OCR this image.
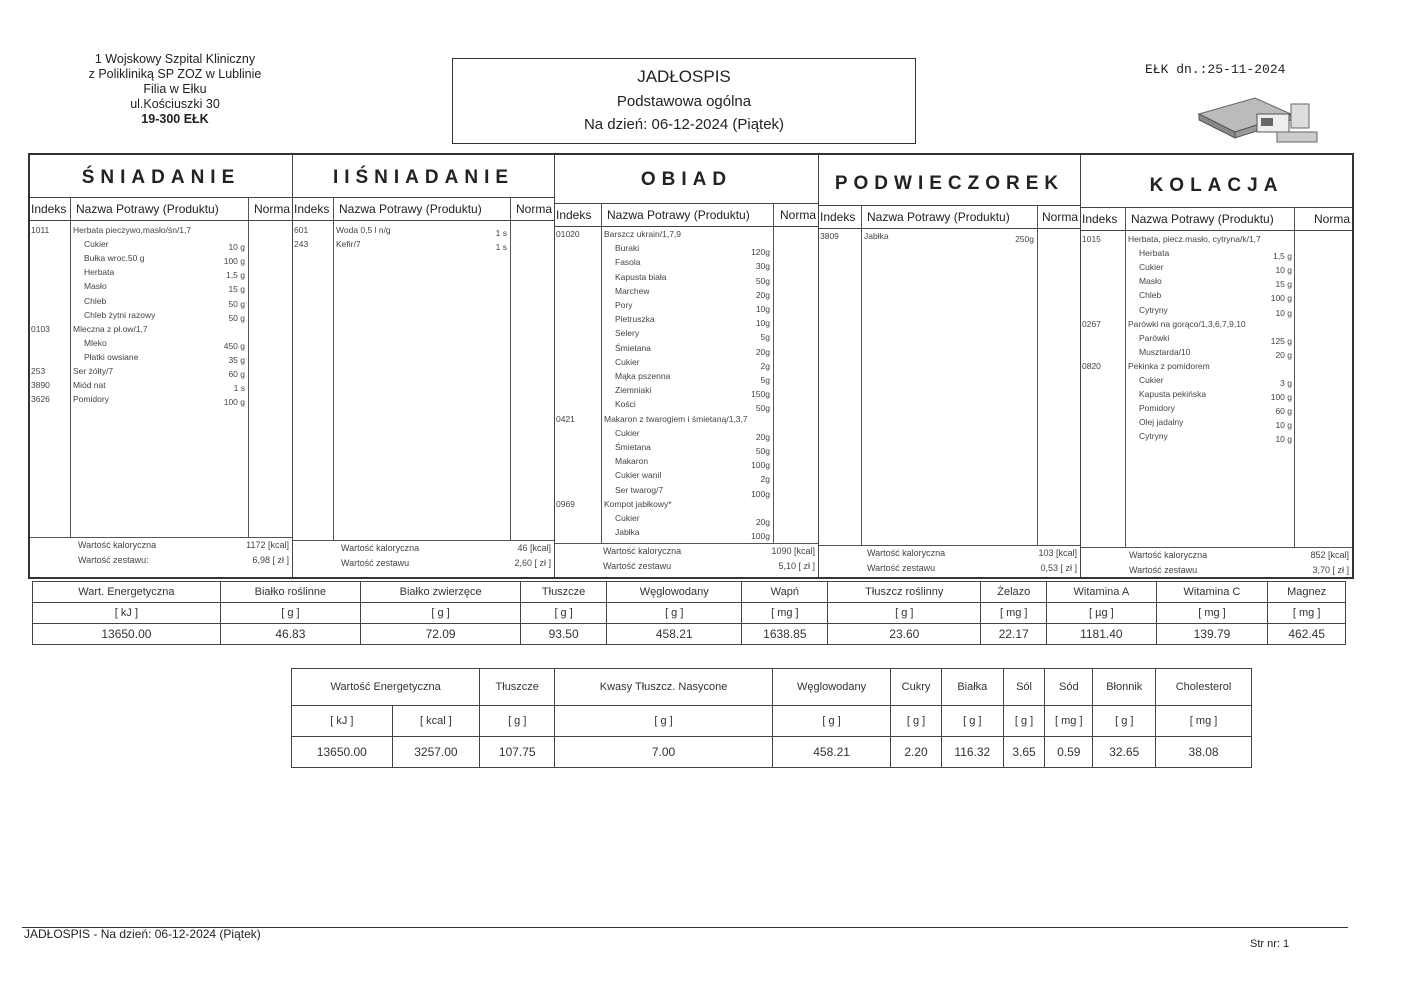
1 Wojskowy Szpital Kliniczny
z Polikliniką SP ZOZ w Lublinie
Filia w Ełku
ul.Kościuszki 30
19-300 EŁK
JADŁOSPIS
Podstawowa ogólna
Na dzień: 06-12-2024 (Piątek)
EŁK dn.:25-11-2024
ŚNIADANIE
Indeks Nazwa Potrawy (Produktu)	Norma
1011	Herbata pieczywo,masło/śn/1,7
Cukier	10 g
Bułka wroc.50 g	100 g
Herbata	1,5 g
Masło	15 g
Chleb	50 g
Chleb żytni razowy	50 g
0103	Mleczna z pł.ow/1,7
Mleko	450 g
Płatki owsiane	35 g
253	Ser żółty/7	60 g
3890	Miód nat	1 s
3626	Pomidory	100 g
Wartość kaloryczna	1172 [kcal]
Wartość zestawu:	6,98 [ zł ]
IIŚNIADANIE
Indeks Nazwa Potrawy (Produktu)	Norma
601	Woda 0,5 l n/g	1 s
243	Kefir/7	1 s
Wartość kaloryczna	46 [kcal]
Wartość zestawu	2,60 [ zł ]
OBIAD
Indeks Nazwa Potrawy (Produktu)	Norma
01020	Barszcz ukrain/1,7,9
Buraki	120g
Fasola	30g
Kapusta biała	50g
Marchew	20g
Pory	10g
Pietruszka	10g
Selery	5g
Śmietana	20g
Cukier	2g
Mąka pszenna	5g
Ziemniaki	150g
Kości	50g
0421	Makaron z twarogiem i śmietaną/1,3,7
Cukier	20g
Śmietana	50g
Makaron	100g
Cukier wanil	2g
Ser twarog/7	100g
0969	Kompot jabłkowy*
Cukier	20g
Jabłka	100g
Wartość kaloryczna	1090 [kcal]
Wartość zestawu	5,10 [ zł ]
PODWIECZOREK
Indeks Nazwa Potrawy (Produktu)	Norma
3809	Jabłka	250g
Wartość kaloryczna	103 [kcal]
Wartość zestawu	0,53 [ zł ]
KOLACJA
Indeks Nazwa Potrawy (Produktu)	Norma
1015	Herbata, piecz.masło, cytryna/k/1,7
Herbata	1,5 g
Cukier	10 g
Masło	15 g
Chleb	100 g
Cytryny	10 g
0267	Parówki na gorąco/1,3,6,7,9,10
Parówki	125 g
Musztarda/10	20 g
0820	Pekinka z pomidorem
Cukier	3 g
Kapusta pekińska	100 g
Pomidory	60 g
Olej jadalny	10 g
Cytryny	10 g
Wartość kaloryczna	852 [kcal]
Wartość zestawu	3,70 [ zł ]
Wart. Energetyczna	Białko roślinne	Białko zwierzęce	Tłuszcze	Węglowodany	Wapń	Tłuszcz roślinny	Żelazo	Witamina A	Witamina C	Magnez
[ kJ ]	[ g ]	[ g ]	[ g ]	[ g ]	[ mg ]	[ g ]	[ mg ]	[ µg ]	[ mg ]	[ mg ]
13650.00	46.83	72.09	93.50	458.21	1638.85	23.60	22.17	1181.40	139.79	462.45
Wartość Energetyczna		Tłuszcze	Kwasy Tłuszcz. Nasycone	Węglowodany	Cukry	Białka	Sól	Sód	Błonnik	Cholesterol
[ kJ ]	[ kcal ]	[ g ]	[ g ]	[ g ]	[ g ]	[ g ]	[ g ]	[ mg ]	[ g ]	[ mg ]
13650.00	3257.00	107.75	7.00	458.21	2.20	116.32	3.65	0.59	32.65	38.08
JADŁOSPIS - Na dzień: 06-12-2024 (Piątek)
Str nr: 1
